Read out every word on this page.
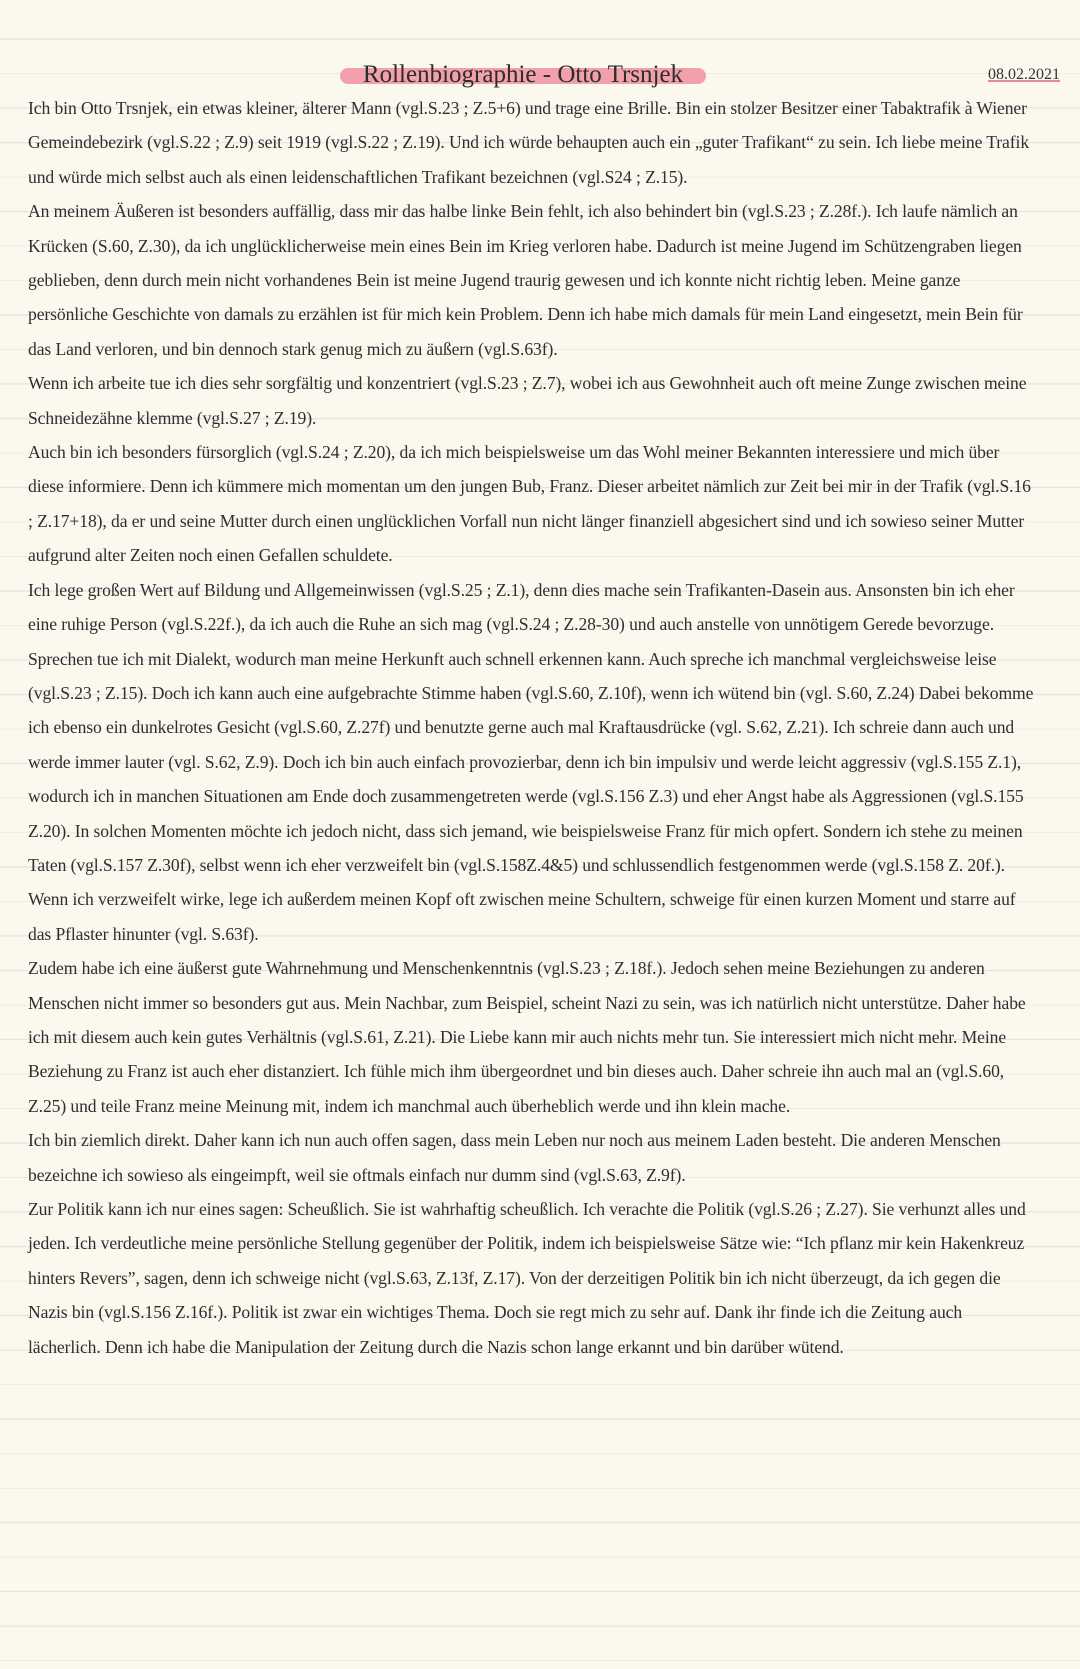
Rollenbiographie - Otto Trsnjek	08.02.2021

Ich bin Otto Trsnjek, ein etwas kleiner, älterer Mann (vgl.S.23 ; Z.5+6) und trage eine Brille. Bin ein stolzer Besitzer einer Tabaktrafik à Wiener Gemeindebezirk (vgl.S.22 ; Z.9) seit 1919 (vgl.S.22 ; Z.19). Und ich würde behaupten auch ein „guter Trafikant“ zu sein. Ich liebe meine Trafik und würde mich selbst auch als einen leidenschaftlichen Trafikant bezeichnen (vgl.S24 ; Z.15).

An meinem Äußeren ist besonders auffällig, dass mir das halbe linke Bein fehlt, ich also behindert bin (vgl.S.23 ; Z.28f.). Ich laufe nämlich an Krücken (S.60, Z.30), da ich unglücklicherweise mein eines Bein im Krieg verloren habe. Dadurch ist meine Jugend im Schützengraben liegen geblieben, denn durch mein nicht vorhandenes Bein ist meine Jugend traurig gewesen und ich konnte nicht richtig leben. Meine ganze persönliche Geschichte von damals zu erzählen ist für mich kein Problem. Denn ich habe mich damals für mein Land eingesetzt, mein Bein für das Land verloren, und bin dennoch stark genug mich zu äußern (vgl.S.63f).

Wenn ich arbeite tue ich dies sehr sorgfältig und konzentriert (vgl.S.23 ; Z.7), wobei ich aus Gewohnheit auch oft meine Zunge zwischen meine Schneidezähne klemme (vgl.S.27 ; Z.19).

Auch bin ich besonders fürsorglich (vgl.S.24 ; Z.20), da ich mich beispielsweise um das Wohl meiner Bekannten interessiere und mich über diese informiere. Denn ich kümmere mich momentan um den jungen Bub, Franz. Dieser arbeitet nämlich zur Zeit bei mir in der Trafik (vgl.S.16 ; Z.17+18), da er und seine Mutter durch einen unglücklichen Vorfall nun nicht länger finanziell abgesichert sind und ich sowieso seiner Mutter aufgrund alter Zeiten noch einen Gefallen schuldete.

Ich lege großen Wert auf Bildung und Allgemeinwissen (vgl.S.25 ; Z.1), denn dies mache sein Trafikanten-Dasein aus. Ansonsten bin ich eher eine ruhige Person (vgl.S.22f.), da ich auch die Ruhe an sich mag (vgl.S.24 ; Z.28-30) und auch anstelle von unnötigem Gerede bevorzuge.

Sprechen tue ich mit Dialekt, wodurch man meine Herkunft auch schnell erkennen kann. Auch spreche ich manchmal vergleichsweise leise (vgl.S.23 ; Z.15). Doch ich kann auch eine aufgebrachte Stimme haben (vgl.S.60, Z.10f), wenn ich wütend bin (vgl. S.60, Z.24) Dabei bekomme ich ebenso ein dunkelrotes Gesicht (vgl.S.60, Z.27f) und benutzte gerne auch mal Kraftausdrücke (vgl. S.62, Z.21). Ich schreie dann auch und werde immer lauter (vgl. S.62, Z.9). Doch ich bin auch einfach provozierbar, denn ich bin impulsiv und werde leicht aggressiv (vgl.S.155 Z.1), wodurch ich in manchen Situationen am Ende doch zusammengetreten werde (vgl.S.156 Z.3) und eher Angst habe als Aggressionen (vgl.S.155 Z.20). In solchen Momenten möchte ich jedoch nicht, dass sich jemand, wie beispielsweise Franz für mich opfert. Sondern ich stehe zu meinen Taten (vgl.S.157 Z.30f), selbst wenn ich eher verzweifelt bin (vgl.S.158Z.4&5) und schlussendlich festgenommen werde (vgl.S.158 Z. 20f.). Wenn ich verzweifelt wirke, lege ich außerdem meinen Kopf oft zwischen meine Schultern, schweige für einen kurzen Moment und starre auf das Pflaster hinunter (vgl. S.63f).

Zudem habe ich eine äußerst gute Wahrnehmung und Menschenkenntnis (vgl.S.23 ; Z.18f.). Jedoch sehen meine Beziehungen zu anderen Menschen nicht immer so besonders gut aus. Mein Nachbar, zum Beispiel, scheint Nazi zu sein, was ich natürlich nicht unterstütze. Daher habe ich mit diesem auch kein gutes Verhältnis (vgl.S.61, Z.21). Die Liebe kann mir auch nichts mehr tun. Sie interessiert mich nicht mehr. Meine Beziehung zu Franz ist auch eher distanziert. Ich fühle mich ihm übergeordnet und bin dieses auch. Daher schreie ihn auch mal an (vgl.S.60, Z.25) und teile Franz meine Meinung mit, indem ich manchmal auch überheblich werde und ihn klein mache.

Ich bin ziemlich direkt. Daher kann ich nun auch offen sagen, dass mein Leben nur noch aus meinem Laden besteht. Die anderen Menschen bezeichne ich sowieso als eingeimpft, weil sie oftmals einfach nur dumm sind (vgl.S.63, Z.9f).

Zur Politik kann ich nur eines sagen: Scheußlich. Sie ist wahrhaftig scheußlich. Ich verachte die Politik (vgl.S.26 ; Z.27). Sie verhunzt alles und jeden. Ich verdeutliche meine persönliche Stellung gegenüber der Politik, indem ich beispielsweise Sätze wie: “Ich pflanz mir kein Hakenkreuz hinters Revers”, sagen, denn ich schweige nicht (vgl.S.63, Z.13f, Z.17). Von der derzeitigen Politik bin ich nicht überzeugt, da ich gegen die Nazis bin (vgl.S.156 Z.16f.). Politik ist zwar ein wichtiges Thema. Doch sie regt mich zu sehr auf. Dank ihr finde ich die Zeitung auch lächerlich. Denn ich habe die Manipulation der Zeitung durch die Nazis schon lange erkannt und bin darüber wütend.
